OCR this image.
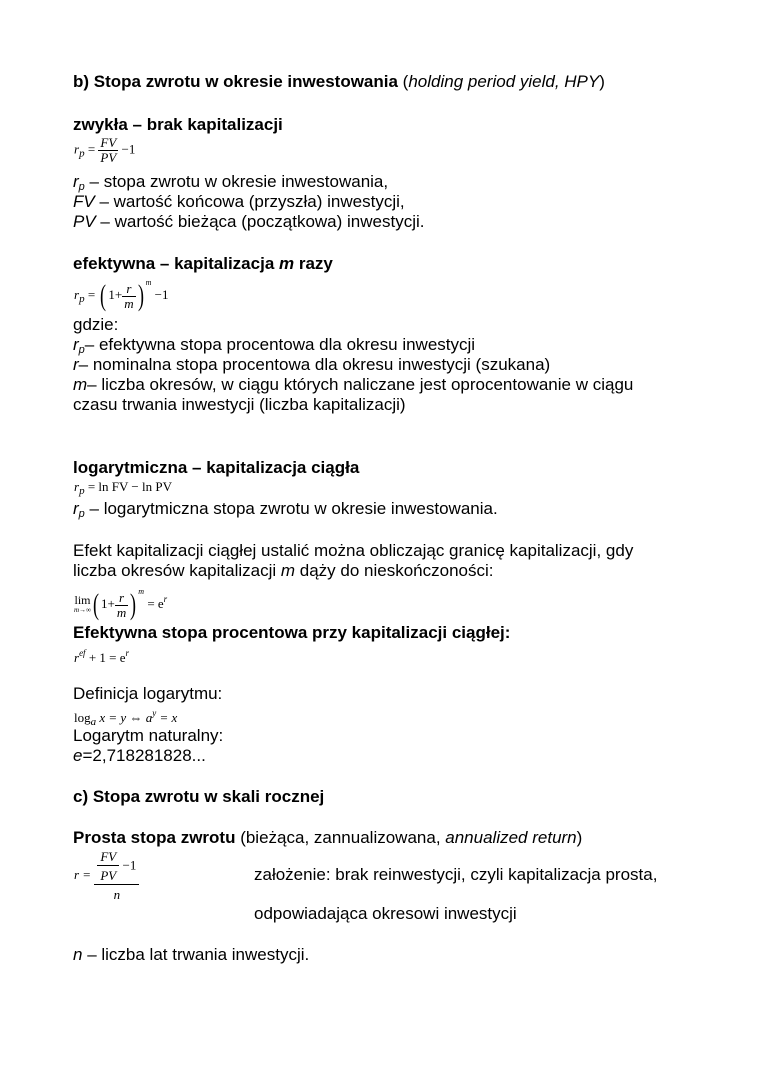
b) Stopa zwrotu w okresie inwestowania (holding period yield, HPY)
zwykła – brak kapitalizacji
$r_p = \frac{FV}{PV} -1$
$r_p$ – stopa zwrotu w okresie inwestowania,
FV – wartość końcowa (przyszła) inwestycji,
PV – wartość bieżąca (początkowa) inwestycji.
efektywna – kapitalizacja m razy
$r_p$ = ( $1+ \frac{r}{m}$ ) $^m$ −1
gdzie:
$r_p-$ efektywna stopa procentowa dla okresu inwestycji
r– nominalna stopa procentowa dla okresu inwestycji (szukana)
m– liczba okresów, w ciągu których naliczane jest oprocentowanie w ciągu
czasu trwania inwestycji (liczba kapitalizacji)
logarytmiczna – kapitalizacja ciągła
$r_p = \ln$ FV − ln PV
$r_p$ – logarytmiczna stopa zwrotu w okresie inwestowania.
Efekt kapitalizacji ciągłej ustalić można obliczając granicę kapitalizacji, gdy
liczba okresów kapitalizacji m dąży do nieskończoności:
lim
m→∞ ( $1+ \frac{r}{m}$ ) $^m = e^r$
Efektywna stopa procentowa przy kapitalizacji ciągłej:
$r^{ef} + 1 = e^r$
Definicja logarytmu:
$\log_a x = y$ ⇔ $a^y = x$
Logarytm naturalny:
e=2,718281828...
c) Stopa zwrotu w skali rocznej
Prosta stopa zwrotu (bieżąca, zannualizowana, annualized return)
$r = \frac{\frac{FV}{PV} -1}{n}$	założenie: brak reinwestycji, czyli kapitalizacja prosta,
odpowiadająca okresowi inwestycji
n – liczba lat trwania inwestycji.
